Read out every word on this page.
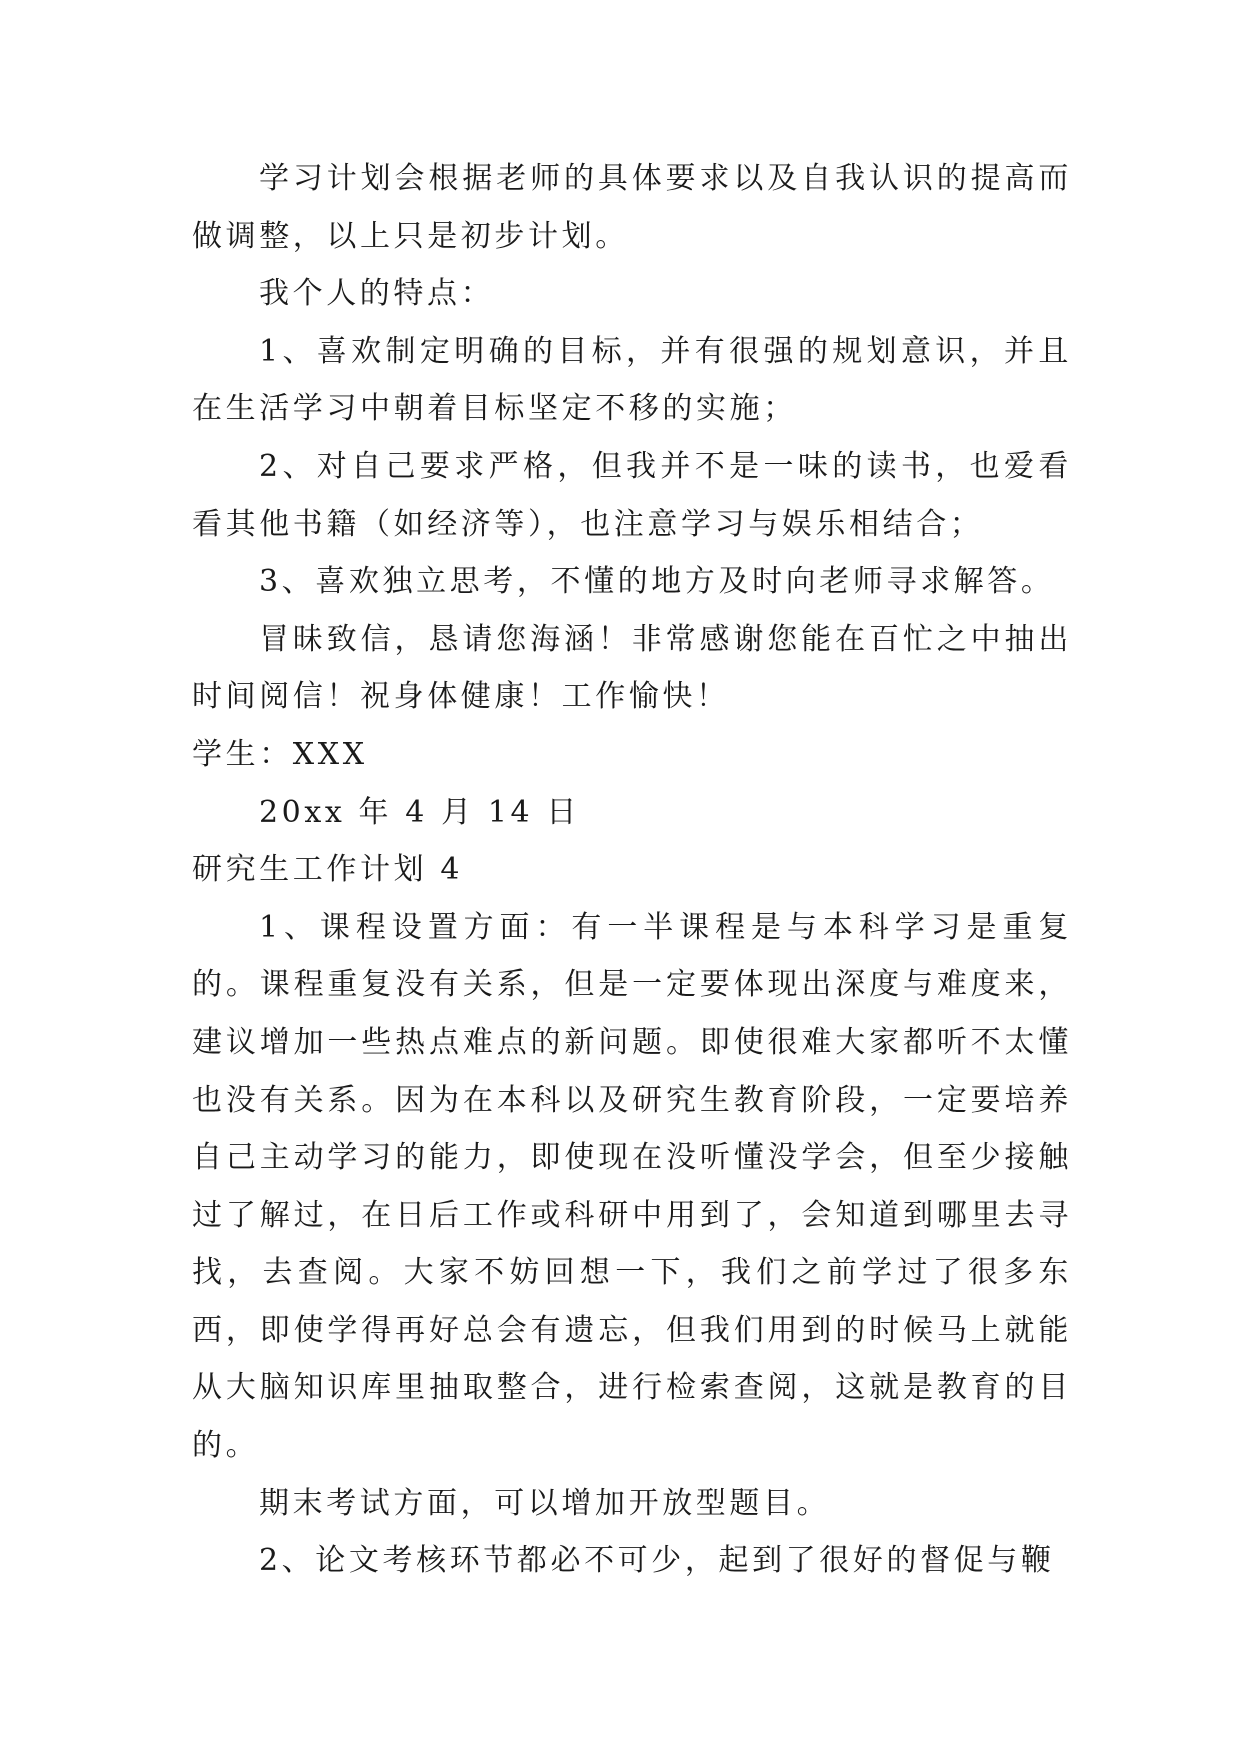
学习计划会根据老师的具体要求以及自我认识的提高而做调整，以上只是初步计划。

我个人的特点：

1、喜欢制定明确的目标，并有很强的规划意识，并且在生活学习中朝着目标坚定不移的实施；

2、对自己要求严格，但我并不是一味的读书，也爱看看其他书籍（如经济等），也注意学习与娱乐相结合；

3、喜欢独立思考，不懂的地方及时向老师寻求解答。

冒昧致信，恳请您海涵！非常感谢您能在百忙之中抽出时间阅信！祝身体健康！工作愉快！

学生：XXX

20xx 年 4 月 14 日

研究生工作计划 4

1、课程设置方面：有一半课程是与本科学习是重复的。课程重复没有关系，但是一定要体现出深度与难度来，建议增加一些热点难点的新问题。即使很难大家都听不太懂也没有关系。因为在本科以及研究生教育阶段，一定要培养自己主动学习的能力，即使现在没听懂没学会，但至少接触过了解过，在日后工作或科研中用到了，会知道到哪里去寻找，去查阅。大家不妨回想一下，我们之前学过了很多东西，即使学得再好总会有遗忘，但我们用到的时候马上就能从大脑知识库里抽取整合，进行检索查阅，这就是教育的目的。

期末考试方面，可以增加开放型题目。

2、论文考核环节都必不可少，起到了很好的督促与鞭
